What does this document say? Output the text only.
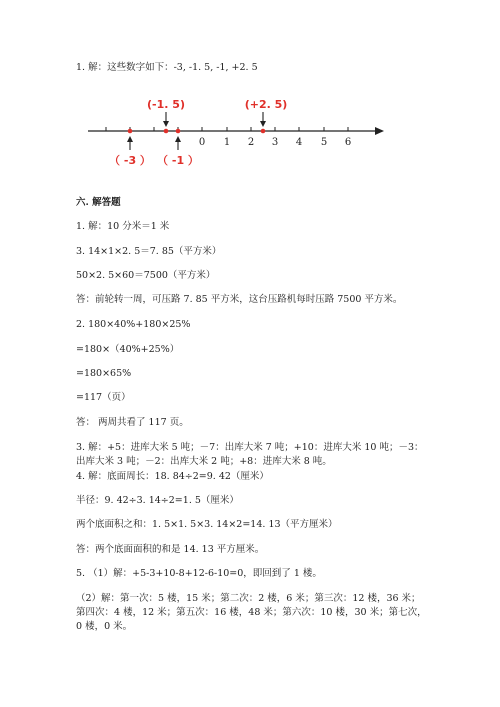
1. 解：这些数字如下：-3, -1. 5, -1, +2. 5
0 1 2 3 4 5 6
(-1. 5)	(+2. 5)
（ -3 ） （ -1 ）
六. 解答题
1. 解：10 分米＝1 米
3. 14×1×2. 5＝7. 85（平方米）
50×2. 5×60＝7500（平方米）
答：前轮转一周，可压路 7. 85 平方米，这台压路机每时压路 7500 平方米。
2. 180×40%+180×25%
=180×（40%+25%）
=180×65%
=117（页）
答： 两周共看了 117 页。
3. 解：+5：进库大米 5 吨；－7：出库大米 7 吨；+10：进库大米 10 吨；－3：出库大米 3 吨；－2：出库大米 2 吨；+8：进库大米 8 吨。
4. 解：底面周长：18. 84÷2=9. 42（厘米）
半径：9. 42÷3. 14÷2=1. 5（厘米）
两个底面积之和：1. 5×1. 5×3. 14×2=14. 13（平方厘米）
答：两个底面面积的和是 14. 13 平方厘米。
5. （1）解：+5-3+10-8+12-6-10=0，即回到了 1 楼。
（2）解：第一次：5 楼，15 米；第二次：2 楼，6 米；第三次：12 楼，36 米；第四次：4 楼，12 米；第五次：16 楼，48 米；第六次：10 楼，30 米；第七次，0 楼，0 米。
